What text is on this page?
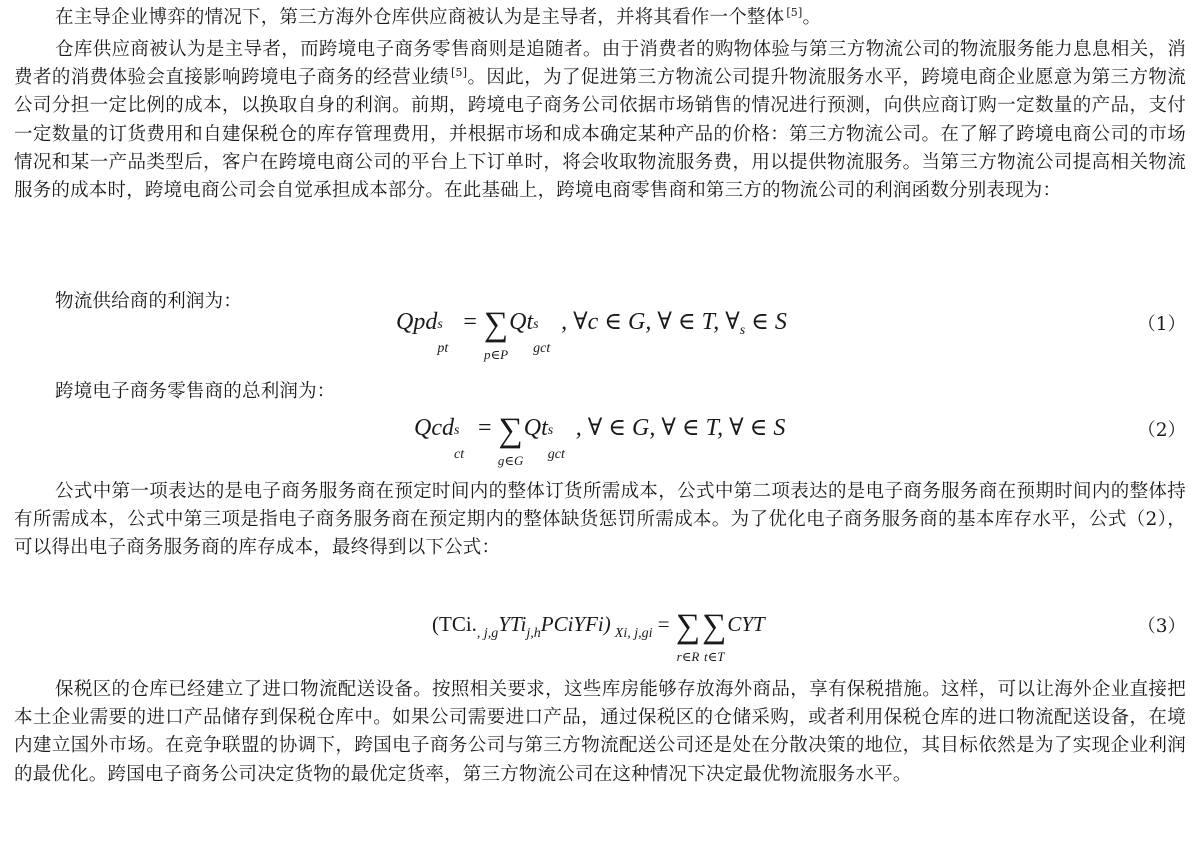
在主导企业博弈的情况下，第三方海外仓库供应商被认为是主导者，并将其看作一个整体 [5]。

仓库供应商被认为是主导者，而跨境电子商务零售商则是追随者。由于消费者的购物体验与第三方物流公司的物流服务能力息息相关，消费者的消费体验会直接影响跨境电子商务的经营业绩 [5]。因此，为了促进第三方物流公司提升物流服务水平，跨境电商企业愿意为第三方物流公司分担一定比例的成本，以换取自身的利润。前期，跨境电子商务公司依据市场销售的情况进行预测，向供应商订购一定数量的产品，支付一定数量的订货费用和自建保税仓的库存管理费用，并根据市场和成本确定某种产品的价格：第三方物流公司。在了解了跨境电商公司的市场情况和某一产品类型后，客户在跨境电商公司的平台上下订单时，将会收取物流服务费，用以提供物流服务。当第三方物流公司提高相关物流服务的成本时，跨境电商公司会自觉承担成本部分。在此基础上，跨境电商零售商和第三方的物流公司的利润函数分别表现为：

物流供给商的利润为：

Qpd s
pt
= ∑
p∈P
Qt s
gct
, ∀c ∈ G, ∀ ∈ T, $\forall_s$ ∈ S	（1）

跨境电子商务零售商的总利润为：

Qcd s
ct
= ∑
g∈G
Qt s
gct
, ∀ ∈ G, ∀ ∈ T, ∀ ∈ S	（2）

公式中第一项表达的是电子商务服务商在预定时间内的整体订货所需成本，公式中第二项表达的是电子商务服务商在预期时间内的整体持有所需成本，公式中第三项是指电子商务服务商在预定期内的整体缺货惩罚所需成本。为了优化电子商务服务商的基本库存水平，公式（2），可以得出电子商务服务商的库存成本，最终得到以下公式：

$(TCi._{, j,g}YTi_{j,h}PCiYFi) _{Xi, j,gi}$ = ∑
r∈R
∑
t∈T
CYT	（3）

保税区的仓库已经建立了进口物流配送设备。按照相关要求，这些库房能够存放海外商品，享有保税措施。这样，可以让海外企业直接把本土企业需要的进口产品储存到保税仓库中。如果公司需要进口产品，通过保税区的仓储采购，或者利用保税仓库的进口物流配送设备，在境内建立国外市场。在竞争联盟的协调下，跨国电子商务公司与第三方物流配送公司还是处在分散决策的地位，其目标依然是为了实现企业利润的最优化。跨国电子商务公司决定货物的最优定货率，第三方物流公司在这种情况下决定最优物流服务水平。
